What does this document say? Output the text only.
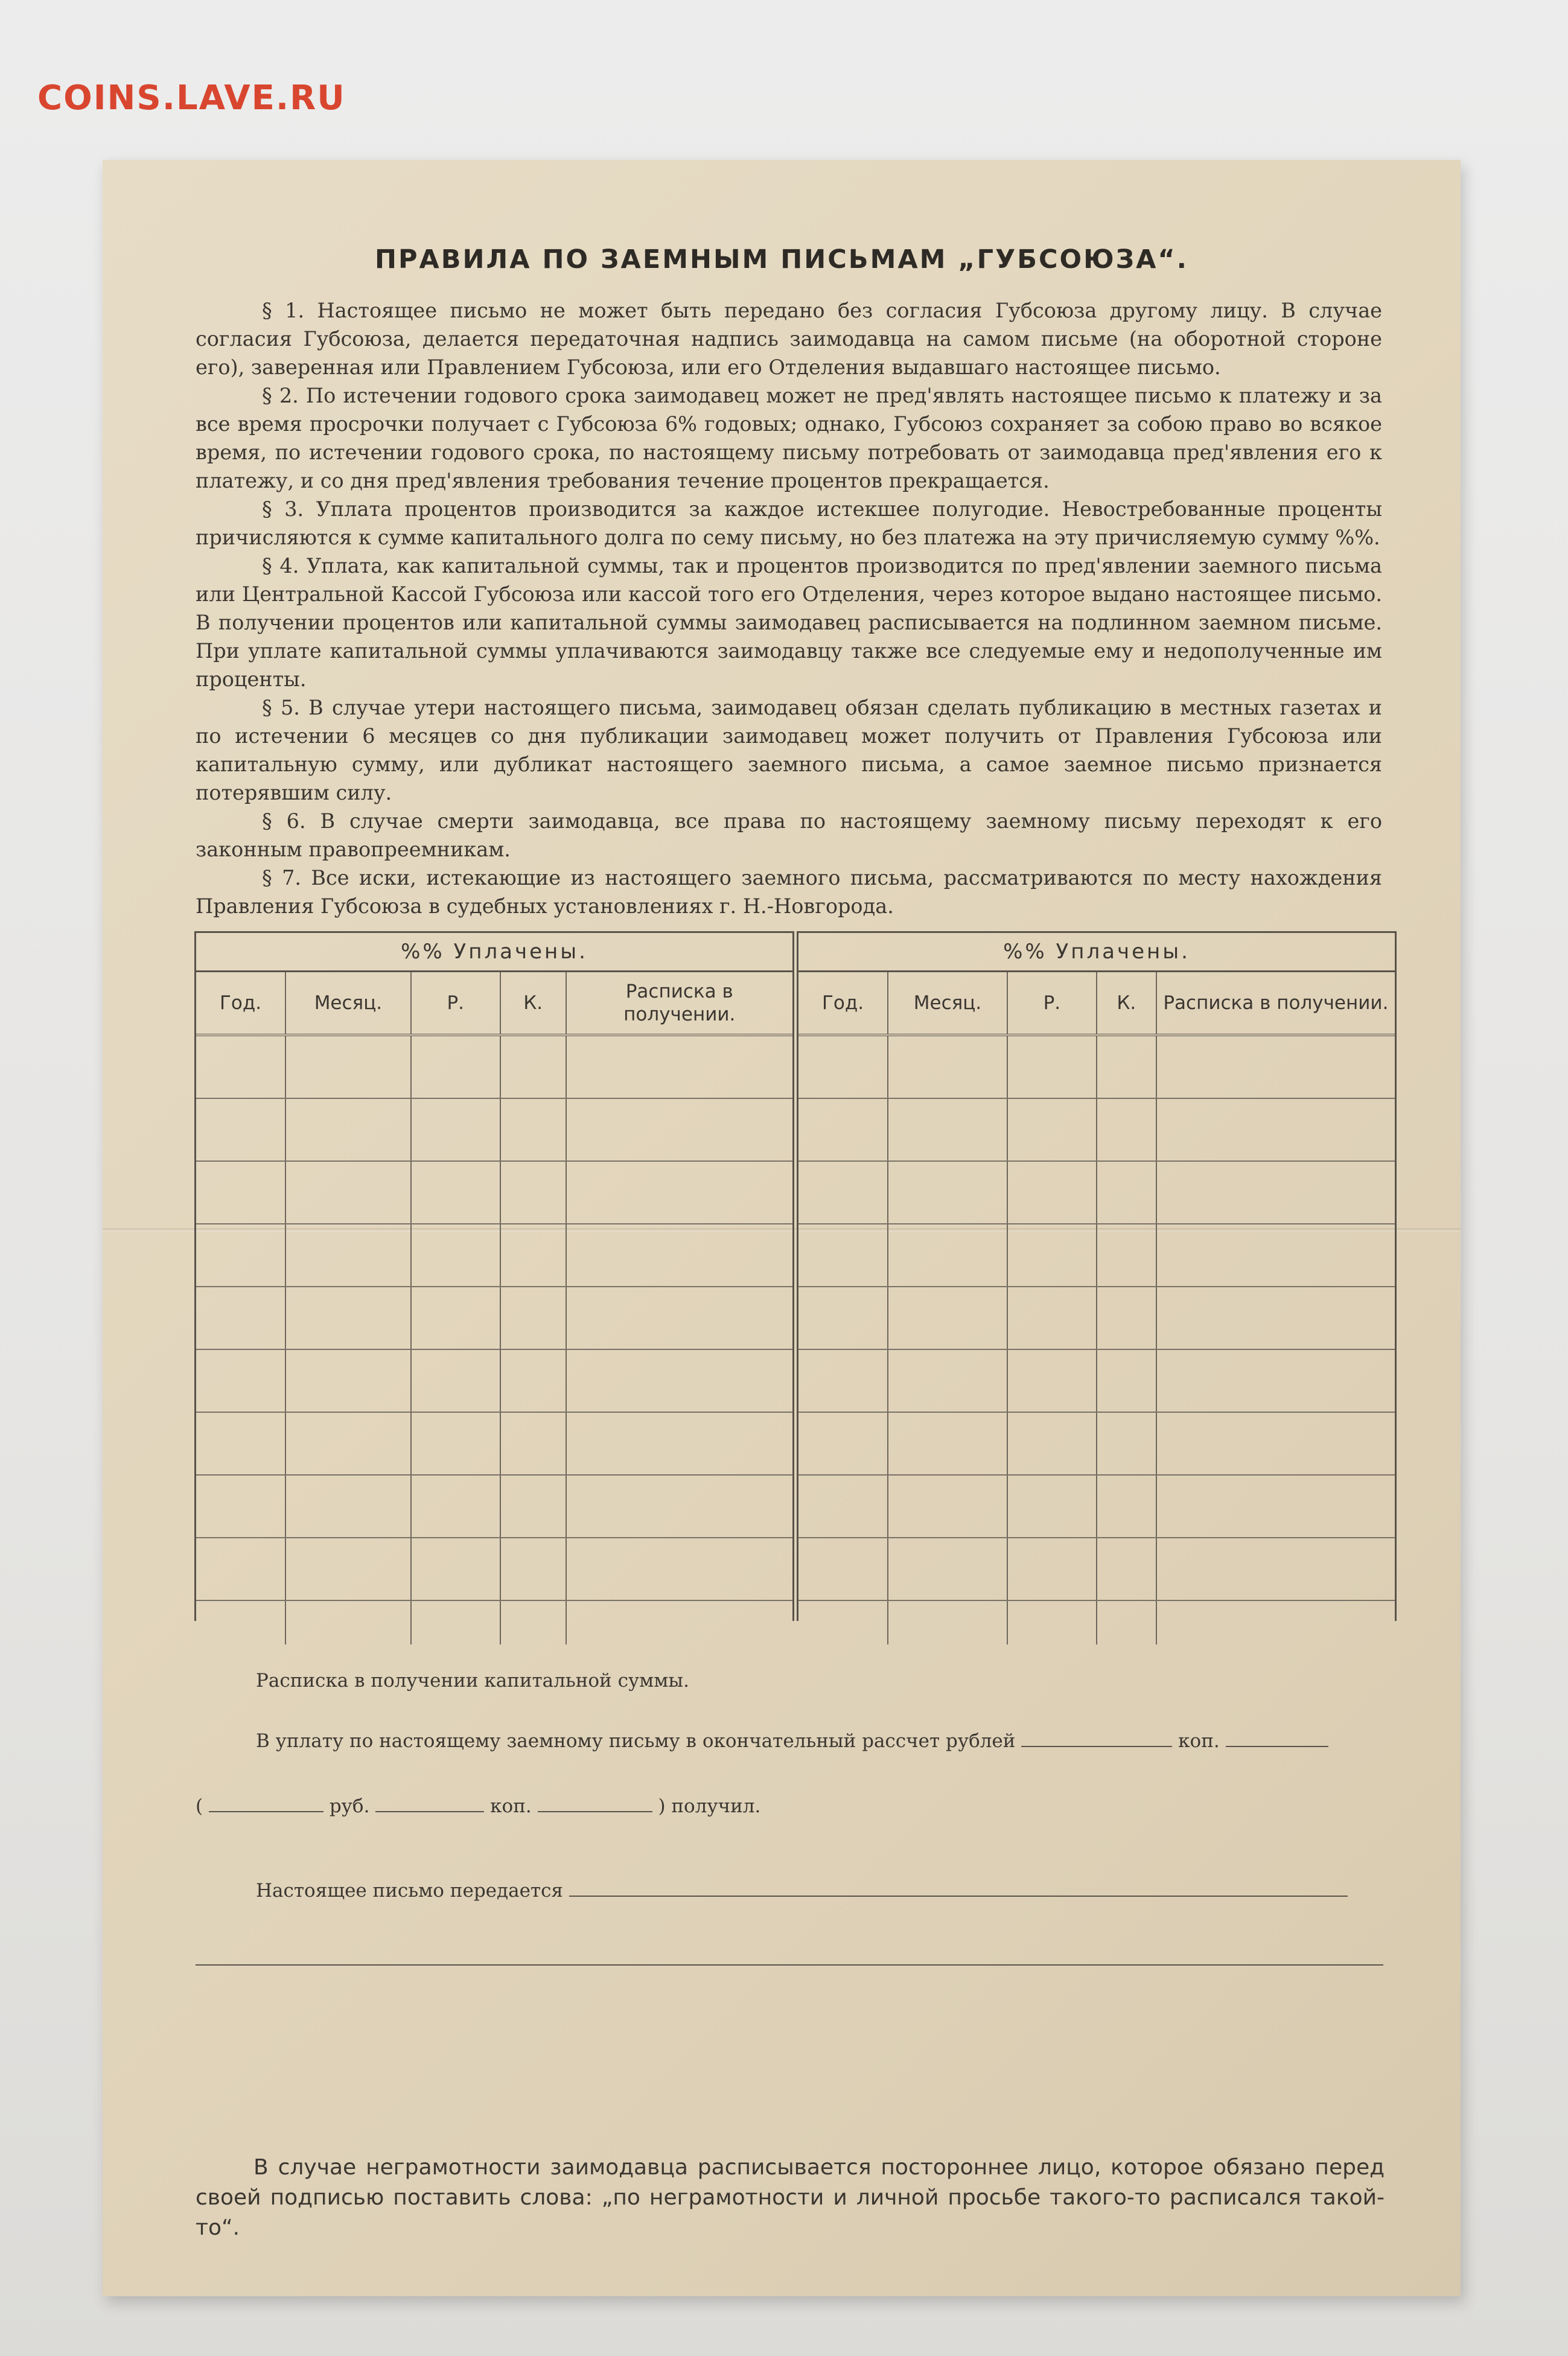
COINS.LAVE.RU
ПРАВИЛА ПО ЗАЕМНЫМ ПИСЬМАМ „ГУБСОЮЗА“.

§ 1. Настоящее письмо не может быть передано без согласия Губсоюза другому лицу. В случае согласия Губсоюза, делается передаточная надпись заимодавца на самом письме (на оборотной стороне его), заверенная или Правлением Губсоюза, или его Отделения выдавшаго настоящее письмо.

§ 2. По истечении годового срока заимодавец может не пред'являть настоящее письмо к платежу и за все время просрочки получает с Губсоюза 6% годовых; однако, Губсоюз сохраняет за собою право во всякое время, по истечении годового срока, по настоящему письму потребовать от заимодавца пред'явления его к платежу, и со дня пред'явления требования течение процентов прекращается.

§ 3. Уплата процентов производится за каждое истекшее полугодие. Невостребованные проценты причисляются к сумме капитального долга по сему письму, но без платежа на эту причисляемую сумму %%.

§ 4. Уплата, как капитальной суммы, так и процентов производится по пред'явлении заемного письма или Центральной Кассой Губсоюза или кассой того его Отделения, через которое выдано настоящее письмо. В получении процентов или капитальной суммы заимодавец расписывается на подлинном заемном письме. При уплате капитальной суммы уплачиваются заимодавцу также все следуемые ему и недополученные им проценты.

§ 5. В случае утери настоящего письма, заимодавец обязан сделать публикацию в местных газетах и по истечении 6 месяцев со дня публикации заимодавец может получить от Правления Губсоюза или капитальную сумму, или дубликат настоящего заемного письма, а самое заемное письмо признается потерявшим силу.

§ 6. В случае смерти заимодавца, все права по настоящему заемному письму переходят к его законным правопреемникам.

§ 7. Все иски, истекающие из настоящего заемного письма, рассматриваются по месту нахождения Правления Губсоюза в судебных установлениях г. Н.-Новгорода.

%% Уплачены.
Год.	Месяц.	Р.	К.	Расписка в получении.

%% Уплачены.
Год.	Месяц.	Р.	К.	Расписка в получении.

Расписка в получении капитальной суммы.
В уплату по настоящему заемному письму в окончательный рассчет рублей	коп.
(	руб.	коп.	) получил.
Настоящее письмо передается
В случае неграмотности заимодавца расписывается постороннее лицо, которое обязано перед своей подписью поставить слова: „по неграмотности и личной просьбе такого-то расписался такой-то“.
